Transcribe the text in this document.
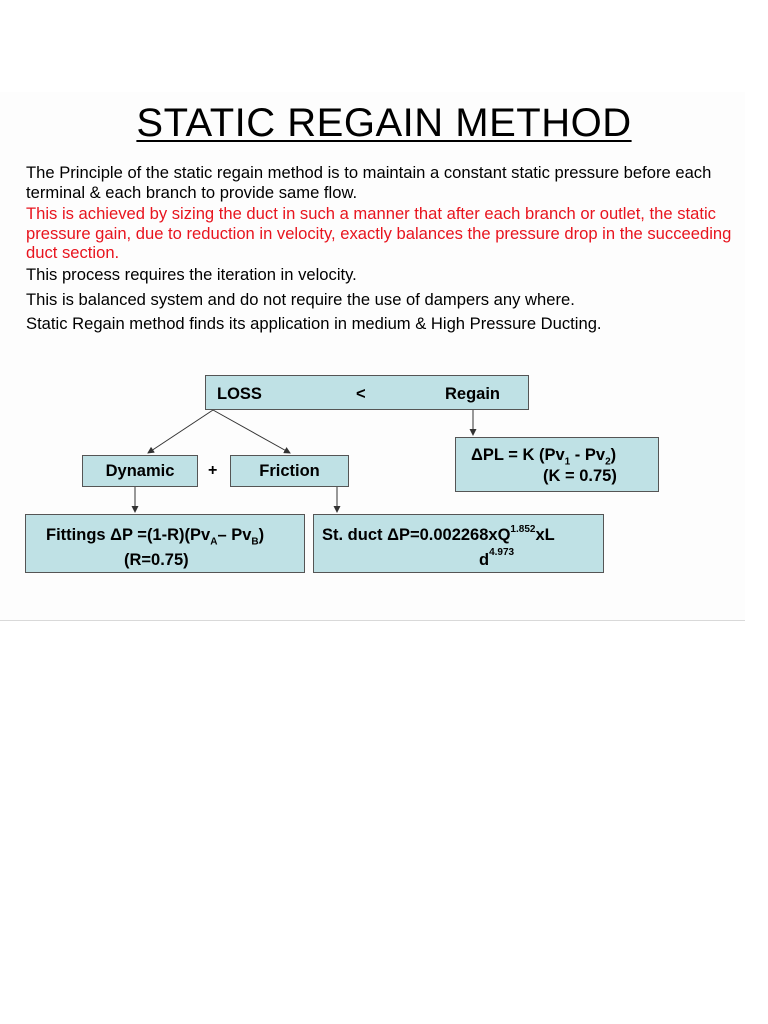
STATIC REGAIN METHOD
The Principle of the static regain method is to maintain a constant static pressure before each terminal & each branch to provide same flow.
This is achieved by sizing the duct in such a manner that after each branch or outlet, the static pressure gain, due to reduction in velocity, exactly balances the pressure drop in the succeeding duct section.
This process requires the iteration in velocity.
This is balanced system and do not require the use of dampers any where.
Static Regain method finds its application in medium & High Pressure Ducting.
LOSS	<	Regain
Dynamic	+	Friction
ΔPL = K $(Pv_1 - Pv_2)$
(K = 0.75)
Fittings $\Delta P =(1-R)(Pv_A-$ $Pv_B$)
(R=0.75)
St. duct $\Delta P=0.002268xQ^{1.852}xL$
$d^{4.973}$
